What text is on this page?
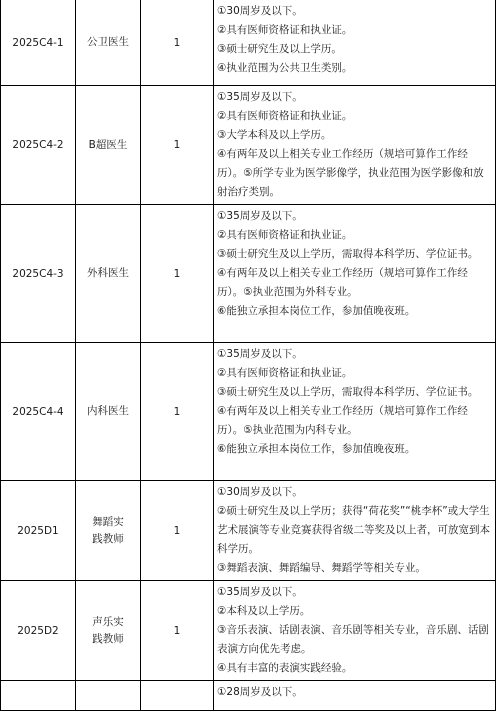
2025C4-1	公卫医生	1	①30周岁及以下。
②具有医师资格证和执业证。
③硕士研究生及以上学历。
④执业范围为公共卫生类别。

2025C4-2	B超医生	1	①35周岁及以下。
②具有医师资格证和执业证。
③大学本科及以上学历。
④有两年及以上相关专业工作经历（规培可算作工作经历）。⑤所学专业为医学影像学，执业范围为医学影像和放射治疗类别。

2025C4-3	外科医生	1	①35周岁及以下。
②具有医师资格证和执业证。
③硕士研究生及以上学历，需取得本科学历、学位证书。
④有两年及以上相关专业工作经历（规培可算作工作经历）。⑤执业范围为外科专业。
⑥能独立承担本岗位工作，参加值晚夜班。

2025C4-4	内科医生	1	①35周岁及以下。
②具有医师资格证和执业证。
③硕士研究生及以上学历，需取得本科学历、学位证书。
④有两年及以上相关专业工作经历（规培可算作工作经历）。⑤执业范围为内科专业。
⑥能独立承担本岗位工作，参加值晚夜班。

2025D1	舞蹈实践教师	1	①30周岁及以下。
②硕士研究生及以上学历；获得“荷花奖”“桃李杯”或大学生艺术展演等专业竞赛获得省级二等奖及以上者，可放宽到本科学历。
③舞蹈表演、舞蹈编导、舞蹈学等相关专业。

2025D2	声乐实践教师	1	①35周岁及以下。
②本科及以上学历。
③音乐表演、话剧表演、音乐剧等相关专业，音乐剧、话剧表演方向优先考虑。
④具有丰富的表演实践经验。

			①28周岁及以下。
